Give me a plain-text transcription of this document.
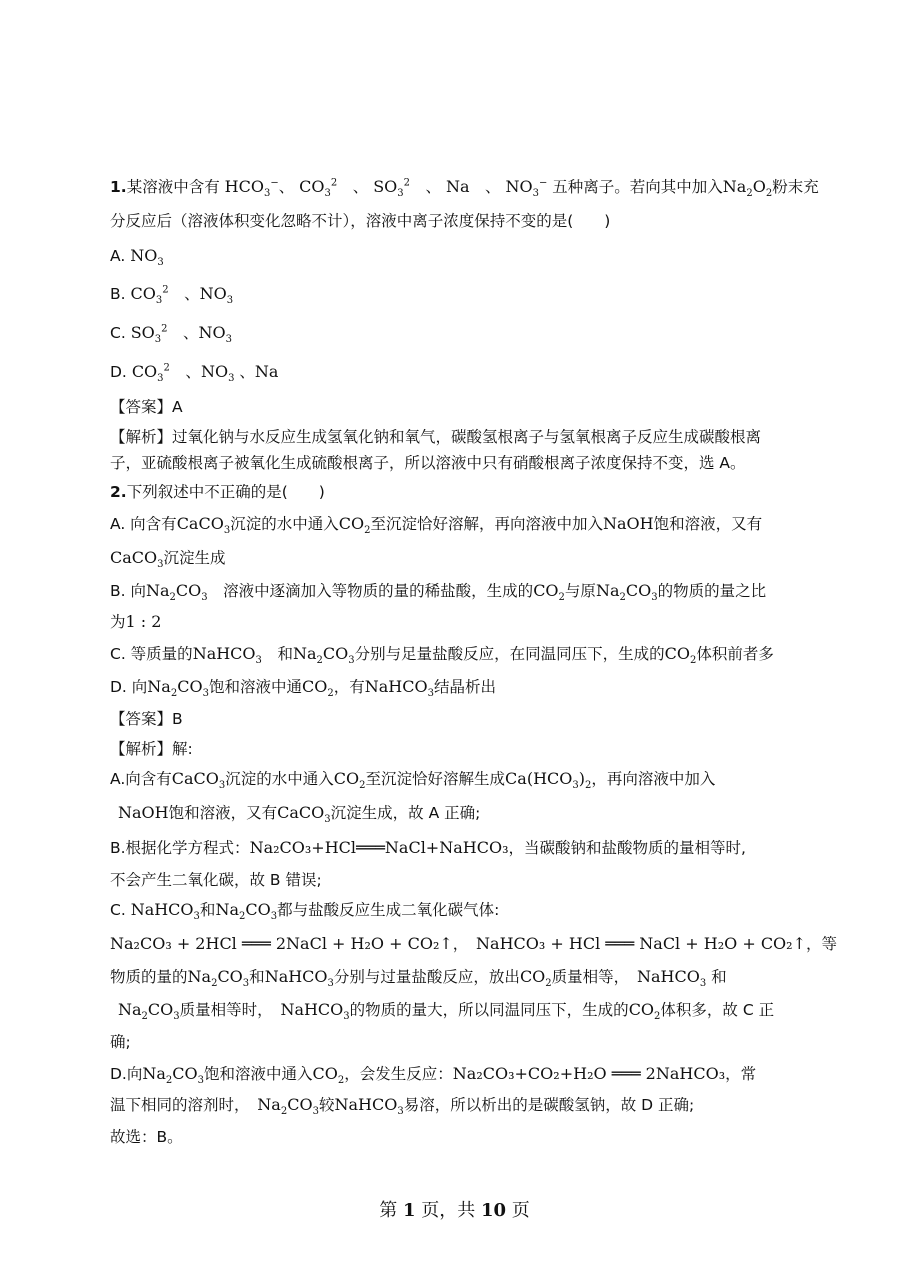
1.某溶液中含有 $HCO_3^-$、 $CO_3^2$　、 $SO_3^2$　、 Na　、 $NO_3^-$ 五种离子。若向其中加入$Na_2O_2$粉末充
分反应后（溶液体积变化忽略不计），溶液中离子浓度保持不变的是(　　)
A. $NO_3$
B. $CO_3^2$　、$NO_3$
C. $SO_3^2$　、$NO_3$
D. $CO_3^2$　、$NO_3$ 、Na
【答案】A
【解析】过氧化钠与水反应生成氢氧化钠和氧气，碳酸氢根离子与氢氧根离子反应生成碳酸根离
子，亚硫酸根离子被氧化生成硫酸根离子，所以溶液中只有硝酸根离子浓度保持不变，选 A。
2.下列叙述中不正确的是(　　)
A. 向含有CaCO$_3$沉淀的水中通入$CO_2$至沉淀恰好溶解，再向溶液中加入NaOH饱和溶液，又有
CaCO$_3$沉淀生成
B. 向$Na_2CO_3$　 溶液中逐滴加入等物质的量的稀盐酸，生成的$CO_2$与原$Na_2CO_3$的物质的量之比
为1 : 2
C. 等质量的NaHCO$_3$　 和$Na_2CO_3$分别与足量盐酸反应，在同温同压下，生成的$CO_2$体积前者多
D. 向$Na_2CO_3$饱和溶液中通$CO_2$，有NaHCO$_3$结晶析出
【答案】B
【解析】解:
A.向含有CaCO$_3$沉淀的水中通入$CO_2$至沉淀恰好溶解生成$Ca(HCO_3)_2$，再向溶液中加入
NaOH饱和溶液，又有CaCO$_3$沉淀生成，故 A 正确;
B.根据化学方程式：Na₂CO₃+HCl═══NaCl+NaHCO₃，当碳酸钠和盐酸物质的量相等时,
不会产生二氧化碳，故 B 错误;
C. NaHCO$_3$和$Na_2CO_3$都与盐酸反应生成二氧化碳气体:
Na₂CO₃ + 2HCl ═══ 2NaCl + H₂O + CO₂↑，　 NaHCO₃ + HCl ═══ NaCl + H₂O + CO₂↑，等
物质的量的$Na_2CO_3$和NaHCO$_3$分别与过量盐酸反应，放出$CO_2$质量相等，　 NaHCO$_3$ 和
$Na_2CO_3$质量相等时，　 NaHCO$_3$的物质的量大，所以同温同压下，生成的$CO_2$体积多，故 C 正
确;
D.向$Na_2CO_3$饱和溶液中通入$CO_2$，会发生反应：Na₂CO₃+CO₂+H₂O ═══ 2NaHCO₃，常
温下相同的溶剂时，　 $Na_2CO_3$较NaHCO$_3$易溶，所以析出的是碳酸氢钠，故 D 正确;
故选：B。
第 1 页，共 10 页
